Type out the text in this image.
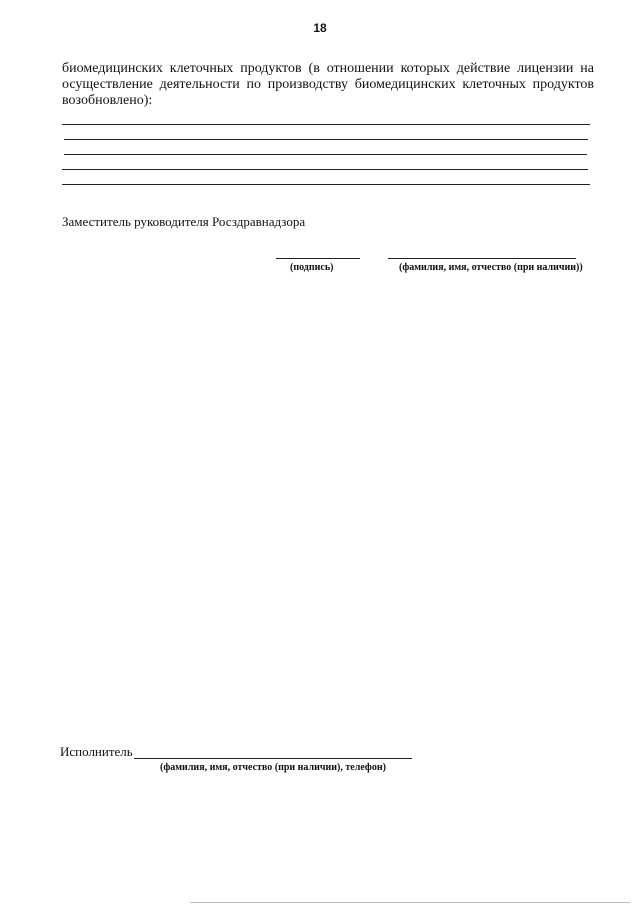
18

биомедицинских клеточных продуктов (в отношении которых действие лицензии на осуществление деятельности по производству биомедицинских клеточных продуктов возобновлено):

Заместитель руководителя Росздравнадзора
(подпись)	(фамилия, имя, отчество (при наличии))
Исполнитель
(фамилия, имя, отчество (при наличии), телефон)
